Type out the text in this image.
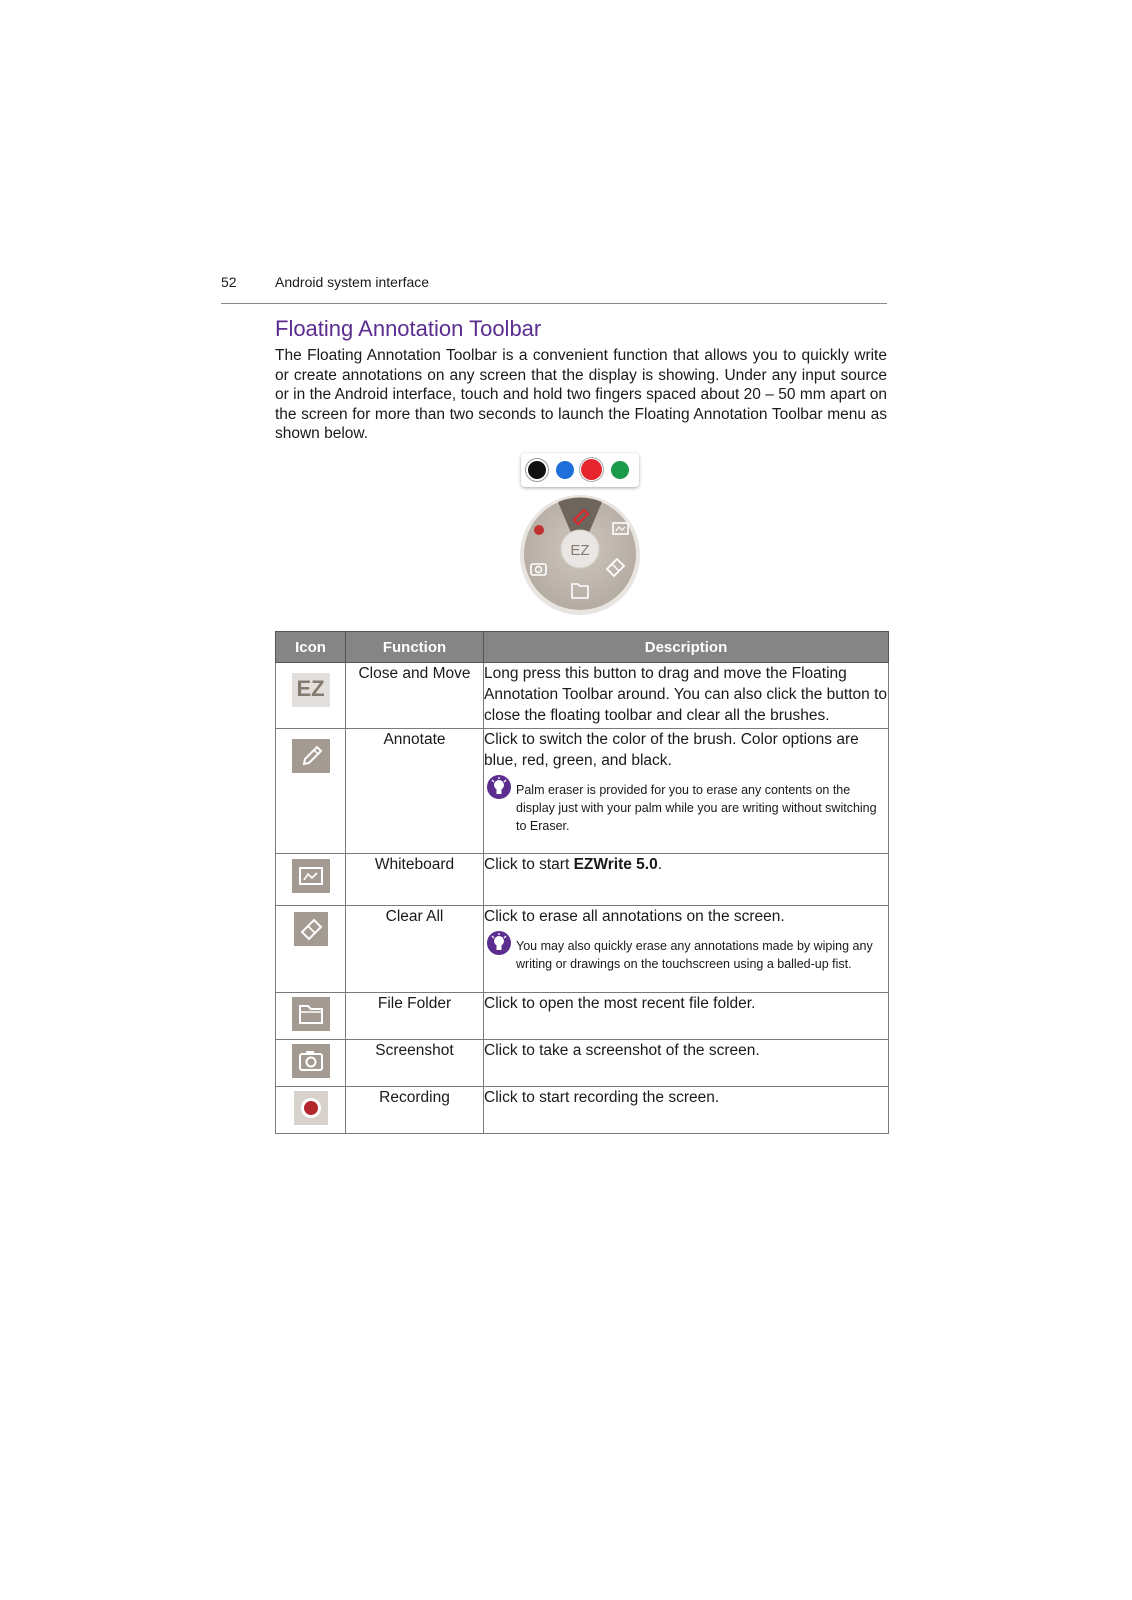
52	Android system interface
Floating Annotation Toolbar
The Floating Annotation Toolbar is a convenient function that allows you to quickly write or create annotations on any screen that the display is showing. Under any input source or in the Android interface, touch and hold two fingers spaced about 20 – 50 mm apart on the screen for more than two seconds to launch the Floating Annotation Toolbar menu as shown below.
EZ
Icon	Function	Description

EZ	Close and Move	Long press this button to drag and move the Floating Annotation Toolbar around. You can also click the button to close the floating toolbar and clear all the brushes.

	Annotate	Click to switch the color of the brush. Color options are blue, red, green, and black.
Palm eraser is provided for you to erase any contents on the display just with your palm while you are writing without switching to Eraser.

	Whiteboard	Click to start EZWrite 5.0.

	Clear All	Click to erase all annotations on the screen.
You may also quickly erase any annotations made by wiping any writing or drawings on the touchscreen using a balled-up fist.

	File Folder	Click to open the most recent file folder.

	Screenshot	Click to take a screenshot of the screen.

	Recording	Click to start recording the screen.
